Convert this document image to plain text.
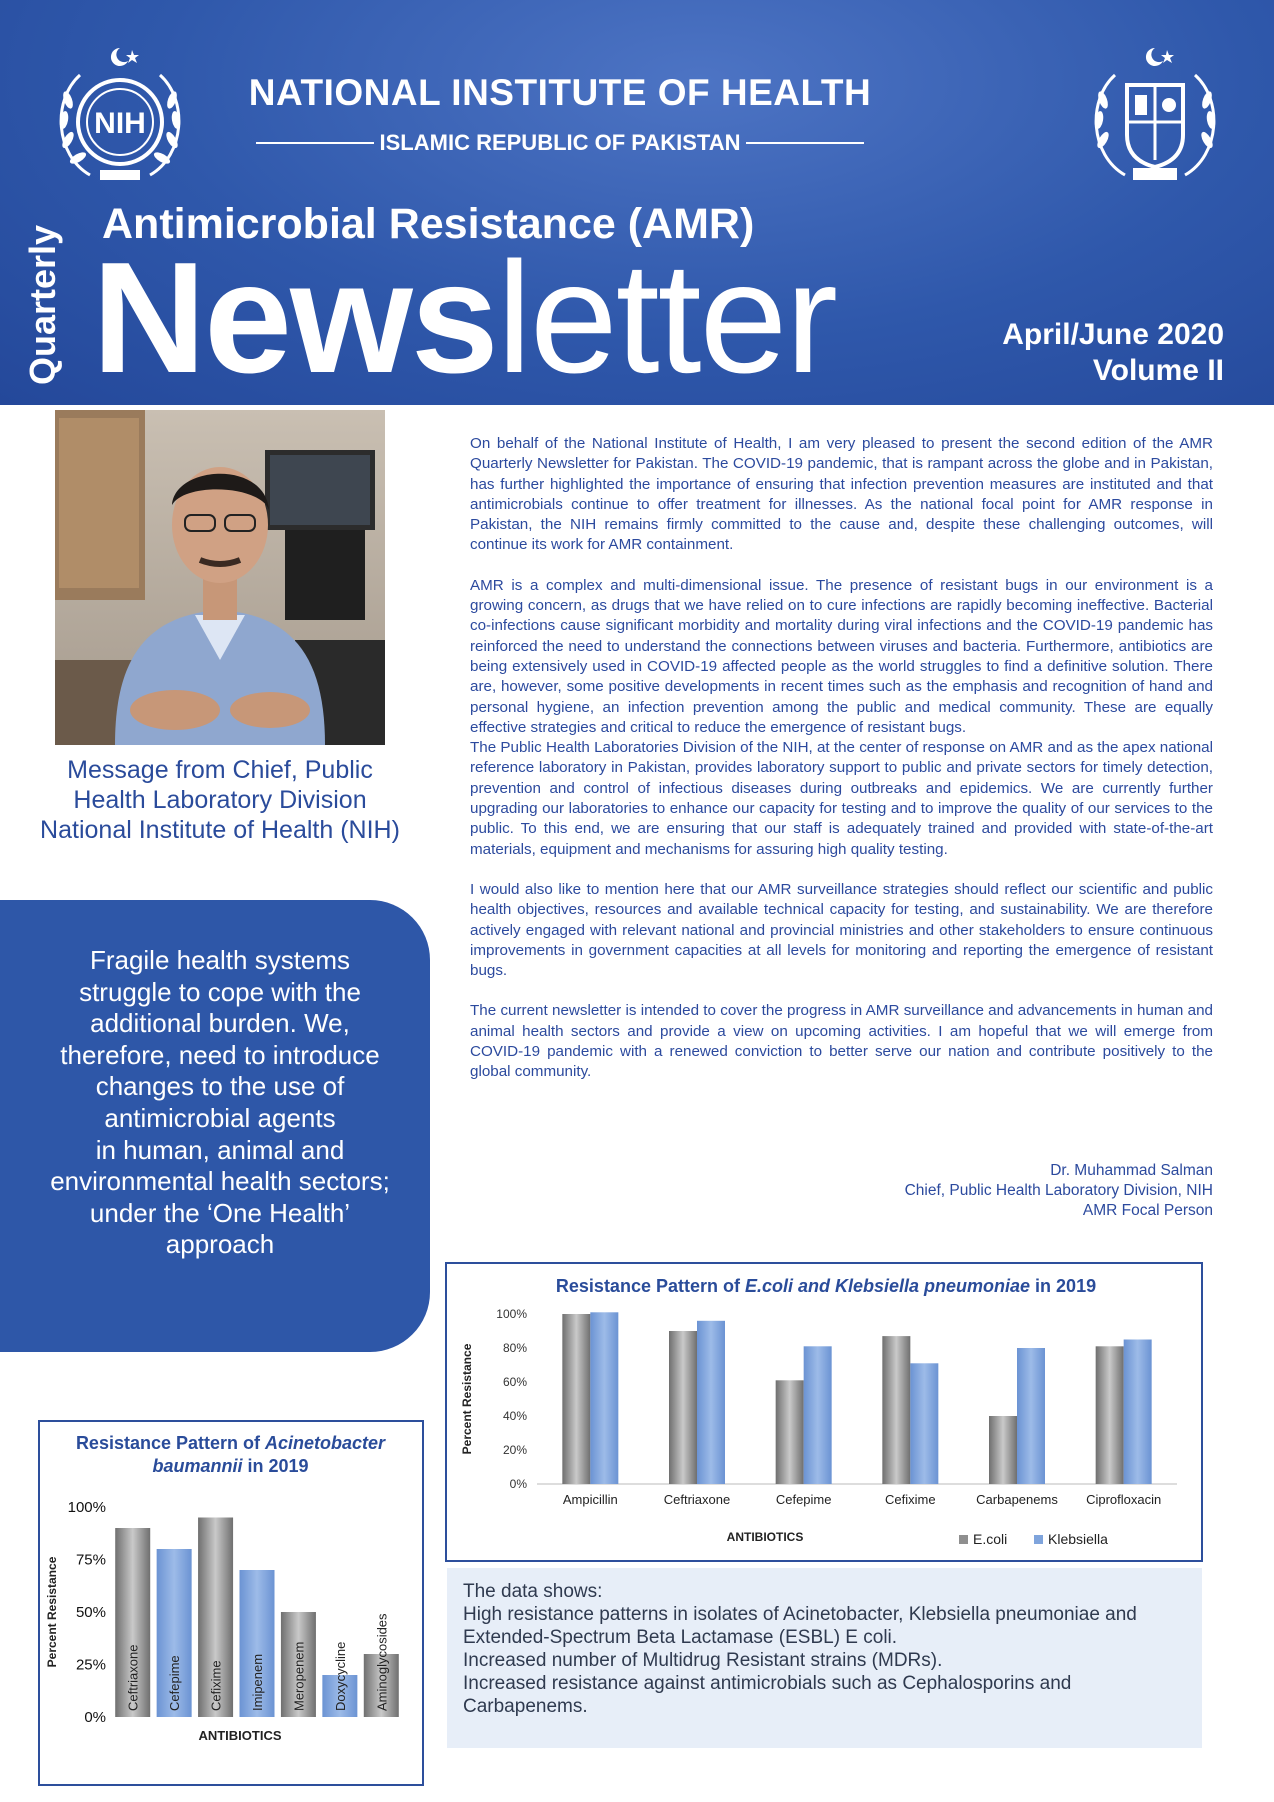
NIH
NATIONAL INSTITUTE OF HEALTH
ISLAMIC REPUBLIC OF PAKISTAN
Quarterly
Antimicrobial Resistance (AMR)
Newsletter	April/June 2020
Volume II
Message from Chief, Public Health Laboratory Division National Institute of Health (NIH)
Fragile health systems struggle to cope with the additional burden. We, therefore, need to introduce changes to the use of antimicrobial agents
in human, animal and environmental health sectors; under the ‘One Health’ approach

On behalf of the National Institute of Health, I am very pleased to present the second edition of the AMR Quarterly Newsletter for Pakistan. The COVID-19 pandemic, that is rampant across the globe and in Pakistan, has further highlighted the importance of ensuring that infection prevention measures are instituted and that antimicrobials continue to offer treatment for illnesses. As the national focal point for AMR response in Pakistan, the NIH remains firmly committed to the cause and, despite these challenging outcomes, will continue its work for AMR containment.

AMR is a complex and multi-dimensional issue. The presence of resistant bugs in our environment is a growing concern, as drugs that we have relied on to cure infections are rapidly becoming ineffective. Bacterial co-infections cause significant morbidity and mortality during viral infections and the COVID-19 pandemic has reinforced the need to understand the connections between viruses and bacteria. Furthermore, antibiotics are being extensively used in COVID-19 affected people as the world struggles to find a definitive solution. There are, however, some positive developments in recent times such as the emphasis and recognition of hand and personal hygiene, an infection prevention among the public and medical community. These are equally effective strategies and critical to reduce the emergence of resistant bugs.

The Public Health Laboratories Division of the NIH, at the center of response on AMR and as the apex national reference laboratory in Pakistan, provides laboratory support to public and private sectors for timely detection, prevention and control of infectious diseases during outbreaks and epidemics. We are currently further upgrading our laboratories to enhance our capacity for testing and to improve the quality of our services to the public. To this end, we are ensuring that our staff is adequately trained and provided with state-of-the-art materials, equipment and mechanisms for assuring high quality testing.

I would also like to mention here that our AMR surveillance strategies should reflect our scientific and public health objectives, resources and available technical capacity for testing, and sustainability. We are therefore actively engaged with relevant national and provincial ministries and other stakeholders to ensure continuous improvements in government capacities at all levels for monitoring and reporting the emergence of resistant bugs.

The current newsletter is intended to cover the progress in AMR surveillance and advancements in human and animal health sectors and provide a view on upcoming activities. I am hopeful that we will emerge from COVID-19 pandemic with a renewed conviction to better serve our nation and contribute positively to the global community.

Dr. Muhammad Salman
Chief, Public Health Laboratory Division, NIH
AMR Focal Person
Resistance Pattern of E.coli and Klebsiella pneumoniae in 2019
0%
20%
40%
60%
80%
100%
Ampicillin	Ceftriaxone	Cefepime	Cefixime	Carbapenems Ciprofloxacin
Percent Resistance
ANTIBIOTICS	E.coli	Klebsiella
Resistance Pattern of Acinetobacter baumannii in 2019
0%
25%
50%
75%
100%
Ceftriaxone Cefepime Cefixime Imipenem Meropenem Doxycycline Aminoglycosides
Percent Resistance
ANTIBIOTICS
The data shows:
High resistance patterns in isolates of Acinetobacter, Klebsiella pneumoniae and Extended-Spectrum Beta Lactamase (ESBL) E coli.
Increased number of Multidrug Resistant strains (MDRs).
Increased resistance against antimicrobials such as Cephalosporins and Carbapenems.
